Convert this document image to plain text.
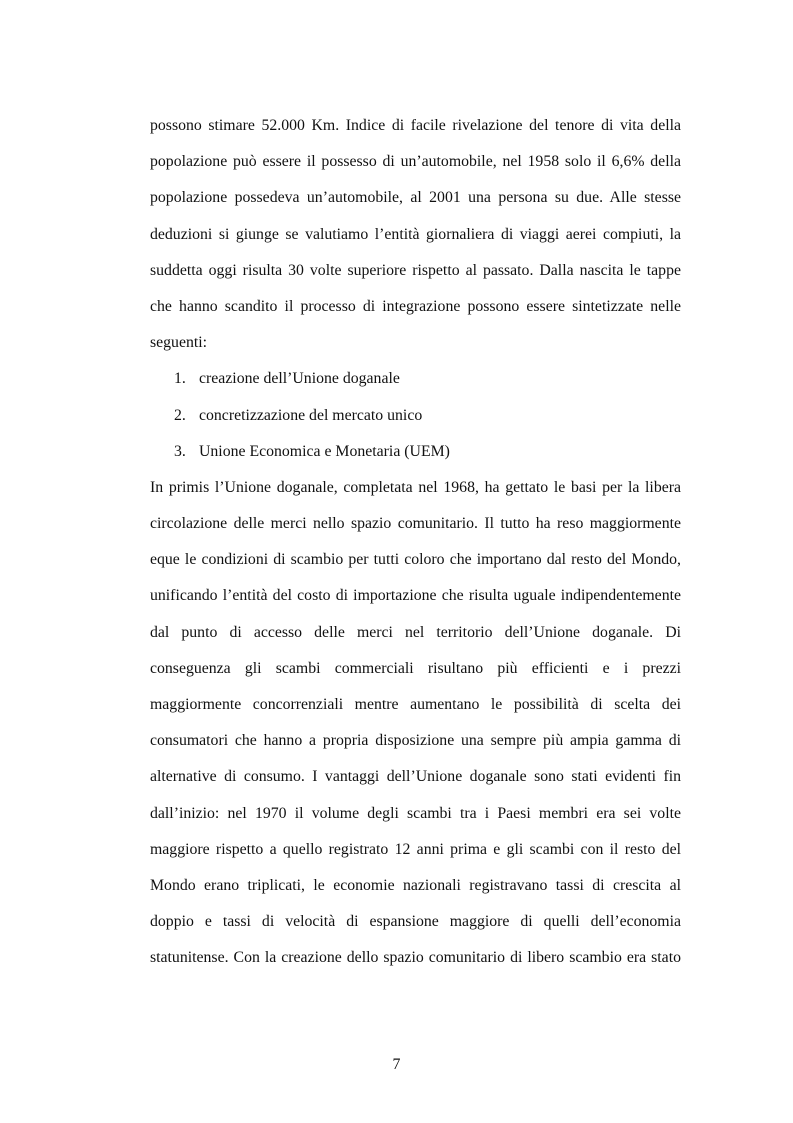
possono stimare 52.000 Km. Indice di facile rivelazione del tenore di vita della
popolazione può essere il possesso di un’automobile, nel 1958 solo il 6,6% della
popolazione possedeva un’automobile, al 2001 una persona su due. Alle stesse
deduzioni si giunge se valutiamo l’entità giornaliera di viaggi aerei compiuti, la
suddetta oggi risulta 30 volte superiore rispetto al passato. Dalla nascita le tappe
che hanno scandito il processo di integrazione possono essere sintetizzate nelle
seguenti:
1. creazione dell’Unione doganale
2. concretizzazione del mercato unico
3. Unione Economica e Monetaria (UEM)
In primis l’Unione doganale, completata nel 1968, ha gettato le basi per la libera
circolazione delle merci nello spazio comunitario. Il tutto ha reso maggiormente
eque le condizioni di scambio per tutti coloro che importano dal resto del Mondo,
unificando l’entità del costo di importazione che risulta uguale indipendentemente
dal punto di accesso delle merci nel territorio dell’Unione doganale. Di
conseguenza gli scambi commerciali risultano più efficienti e i prezzi
maggiormente concorrenziali mentre aumentano le possibilità di scelta dei
consumatori che hanno a propria disposizione una sempre più ampia gamma di
alternative di consumo. I vantaggi dell’Unione doganale sono stati evidenti fin
dall’inizio: nel 1970 il volume degli scambi tra i Paesi membri era sei volte
maggiore rispetto a quello registrato 12 anni prima e gli scambi con il resto del
Mondo erano triplicati, le economie nazionali registravano tassi di crescita al
doppio e tassi di velocità di espansione maggiore di quelli dell’economia
statunitense. Con la creazione dello spazio comunitario di libero scambio era stato
7
